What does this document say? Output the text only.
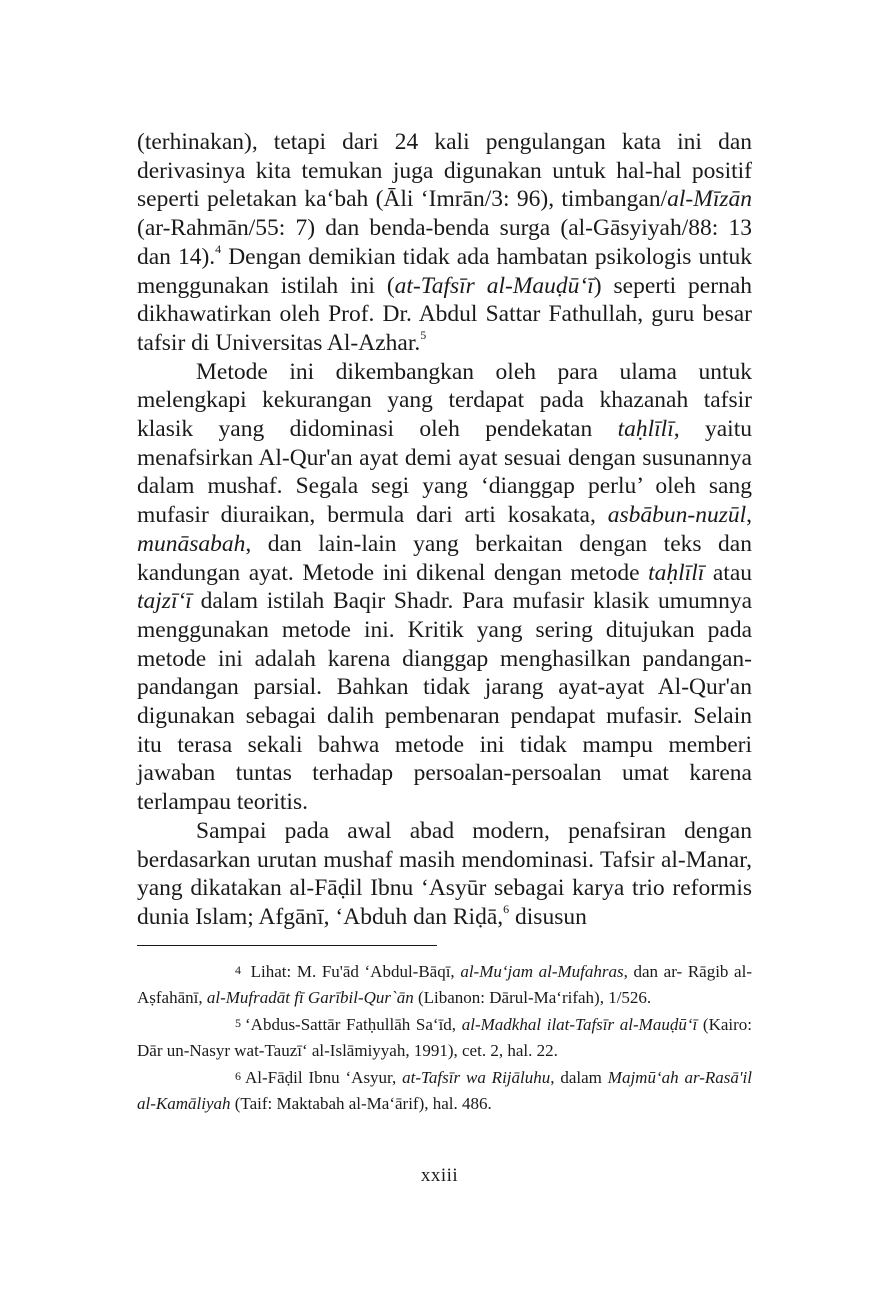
(terhinakan), tetapi dari 24 kali pengulangan kata ini dan derivasinya kita temukan juga digunakan untuk hal-hal positif seperti peletakan ka‘bah (Āli ‘Imrān/3: 96), timbangan/al-Mīzān (ar-Rahmān/55: 7) dan benda-benda surga (al-Gāsyiyah/88: 13 dan 14).$^4$ Dengan demikian tidak ada hambatan psikologis untuk menggunakan istilah ini (at-Tafsīr al-Mauḍū‘ī) seperti pernah dikhawatirkan oleh Prof. Dr. Abdul Sattar Fathullah, guru besar tafsir di Universitas Al-Azhar.$^5$

Metode ini dikembangkan oleh para ulama untuk melengkapi kekurangan yang terdapat pada khazanah tafsir klasik yang didominasi oleh pendekatan taḥlīlī, yaitu menafsirkan Al-Qur'an ayat demi ayat sesuai dengan susunannya dalam mushaf. Segala segi yang ‘dianggap perlu’ oleh sang mufasir diuraikan, bermula dari arti kosakata, asbābun-nuzūl, munāsabah, dan lain-lain yang berkaitan dengan teks dan kandungan ayat. Metode ini dikenal dengan metode taḥlīlī atau tajzī‘ī dalam istilah Baqir Shadr. Para mufasir klasik umumnya menggunakan metode ini. Kritik yang sering ditujukan pada metode ini adalah karena dianggap menghasilkan pandangan-pandangan parsial. Bahkan tidak jarang ayat-ayat Al-Qur'an digunakan sebagai dalih pembenaran pendapat mufasir. Selain itu terasa sekali bahwa metode ini tidak mampu memberi jawaban tuntas terhadap persoalan-persoalan umat karena terlampau teoritis.

Sampai pada awal abad modern, penafsiran dengan berdasarkan urutan mushaf masih mendominasi. Tafsir al-Manar, yang dikatakan al-Fāḍil Ibnu ‘Asyūr sebagai karya trio reformis dunia Islam; Afgānī, ‘Abduh dan Riḍā,$^6$ disusun

4 Lihat: M. Fu'ād ‘Abdul-Bāqī, al-Mu‘jam al-Mufahras, dan ar- Rāgib al-Aṣfahānī, al-Mufradāt fī Garībil-Qur`ān (Libanon: Dārul-Ma‘rifah), 1/526.

5 ‘Abdus-Sattār Fatḥullāh Sa‘īd, al-Madkhal ilat-Tafsīr al-Mauḍū‘ī (Kairo: Dār un-Nasyr wat-Tauzī‘ al-Islāmiyyah, 1991), cet. 2, hal. 22.

6 Al-Fāḍil Ibnu ‘Asyur, at-Tafsīr wa Rijāluhu, dalam Majmū‘ah ar-Rasā'il al-Kamāliyah (Taif: Maktabah al-Ma‘ārif), hal. 486.

xxiii
